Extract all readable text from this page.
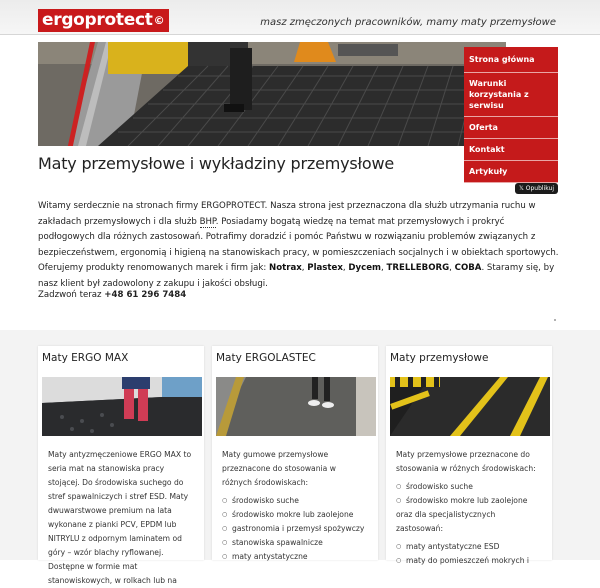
ergoprotect©	masz zmęczonych pracowników, mamy maty przemysłowe
Strona główna
Warunki korzystania z serwisu
Oferta
Kontakt
Artykuły
Maty przemysłowe i wykładziny przemysłowe
𝕏 Opublikuj
Witamy serdecznie na stronach firmy ERGOPROTECT. Nasza strona jest przeznaczona dla służb utrzymania ruchu w zakładach przemysłowych i dla służb BHP. Posiadamy bogatą wiedzę na temat mat przemysłowych i prokryć podłogowych dla różnych zastosowań. Potrafimy doradzić i pomóc Państwu w rozwiązaniu problemów związanych z bezpieczeństwem, ergonomią i higieną na stanowiskach pracy, w pomieszczeniach socjalnych i w obiektach sportowych. Oferujemy produkty renomowanych marek i firm jak: Notrax, Plastex, Dycem, TRELLEBORG, COBA. Staramy się, by nasz klient był zadowolony z zakupu i jakości obsługi.
Zadzwoń teraz +48 61 296 7484
Maty ERGO MAX
Maty antyzmęczeniowe ERGO MAX to seria mat na stanowiska pracy stojącej. Do środowiska suchego do stref spawalniczych i stref ESD. Maty dwuwarstwowe premium na lata wykonane z pianki PCV, EPDM lub NITRYLU z odpornym laminatem od góry – wzór blachy ryflowanej. Dostępne w formie mat stanowiskowych, w rolkach lub na
Maty ERGOLASTEC
Maty gumowe przemysłowe przeznacone do stosowania w różnych środowiskach:
○ środowisko suche
○ środowisko mokre lub zaolejone
○ gastronomia i przemysł spożywczy
○ stanowiska spawalnicze
○ maty antystatyczne
Maty przemysłowe
Maty przemysłowe przeznacone do stosowania w różnych środowiskach:
○ środowisko suche
○ środowisko mokre lub zaolejone
oraz dla specjalistycznych zastosowań:
○ maty antystatyczne ESD
○ maty do pomieszczeń mokrych i
